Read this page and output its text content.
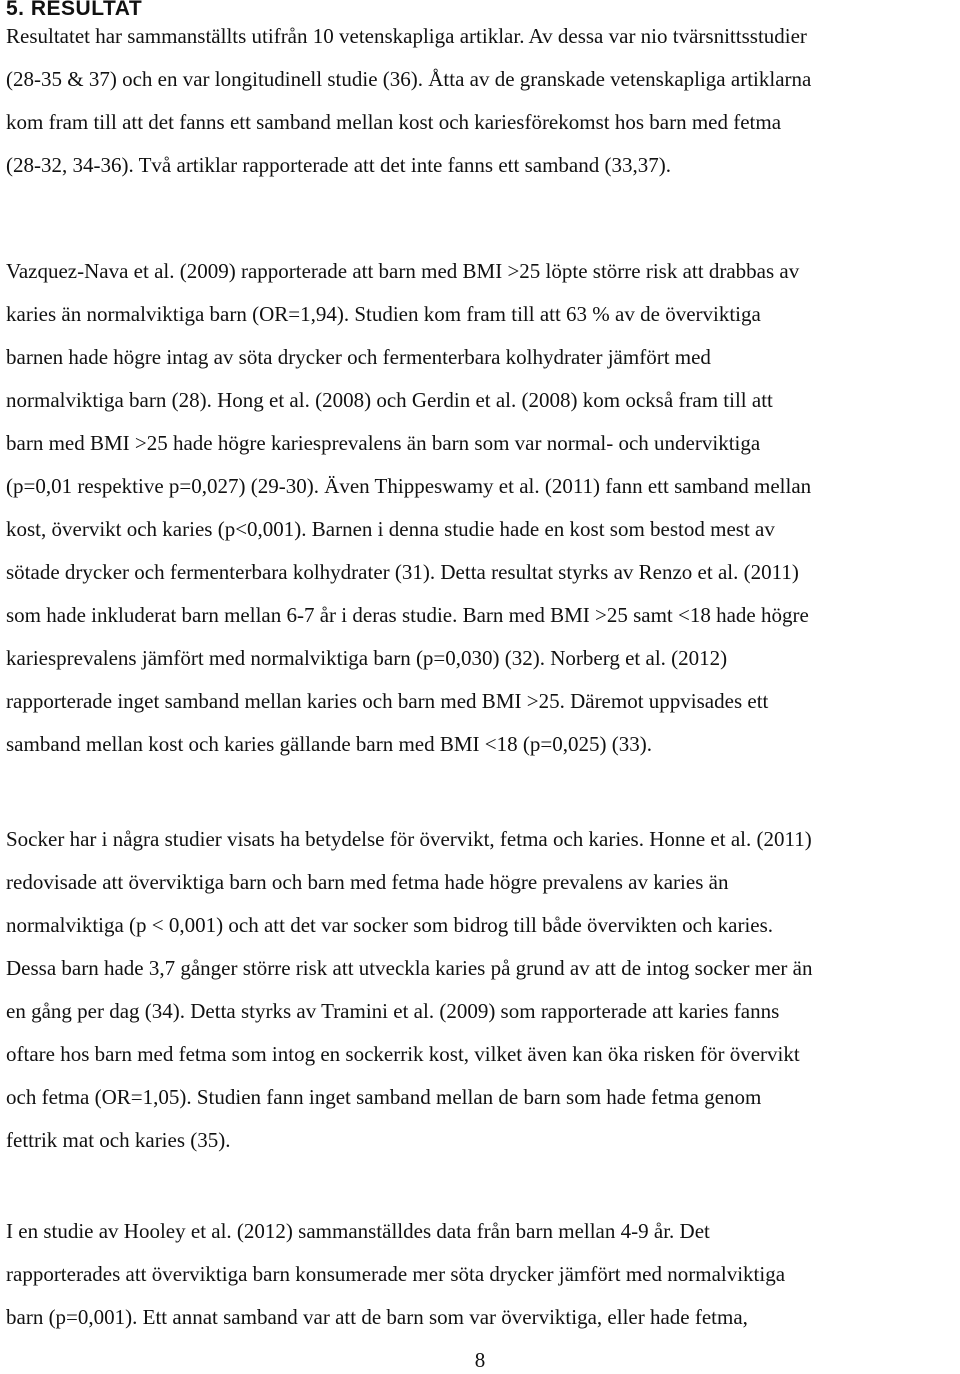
5. RESULTAT
Resultatet har sammanställts utifrån 10 vetenskapliga artiklar. Av dessa var nio tvärsnittsstudier
(28-35 & 37) och en var longitudinell studie (36). Åtta av de granskade vetenskapliga artiklarna
kom fram till att det fanns ett samband mellan kost och kariesförekomst hos barn med fetma
(28-32, 34-36). Två artiklar rapporterade att det inte fanns ett samband (33,37).
Vazquez-Nava et al. (2009) rapporterade att barn med BMI >25 löpte större risk att drabbas av
karies än normalviktiga barn (OR=1,94). Studien kom fram till att 63 % av de överviktiga
barnen hade högre intag av söta drycker och fermenterbara kolhydrater jämfört med
normalviktiga barn (28). Hong et al. (2008) och Gerdin et al. (2008) kom också fram till att
barn med BMI >25 hade högre kariesprevalens än barn som var normal- och underviktiga
(p=0,01 respektive p=0,027) (29-30). Även Thippeswamy et al. (2011) fann ett samband mellan
kost, övervikt och karies (p<0,001). Barnen i denna studie hade en kost som bestod mest av
sötade drycker och fermenterbara kolhydrater (31). Detta resultat styrks av Renzo et al. (2011)
som hade inkluderat barn mellan 6-7 år i deras studie. Barn med BMI >25 samt <18 hade högre
kariesprevalens jämfört med normalviktiga barn (p=0,030) (32). Norberg et al. (2012)
rapporterade inget samband mellan karies och barn med BMI >25. Däremot uppvisades ett
samband mellan kost och karies gällande barn med BMI <18 (p=0,025) (33).
Socker har i några studier visats ha betydelse för övervikt, fetma och karies. Honne et al. (2011)
redovisade att överviktiga barn och barn med fetma hade högre prevalens av karies än
normalviktiga (p < 0,001) och att det var socker som bidrog till både övervikten och karies.
Dessa barn hade 3,7 gånger större risk att utveckla karies på grund av att de intog socker mer än
en gång per dag (34). Detta styrks av Tramini et al. (2009) som rapporterade att karies fanns
oftare hos barn med fetma som intog en sockerrik kost, vilket även kan öka risken för övervikt
och fetma (OR=1,05). Studien fann inget samband mellan de barn som hade fetma genom
fettrik mat och karies (35).
I en studie av Hooley et al. (2012) sammanställdes data från barn mellan 4-9 år. Det
rapporterades att överviktiga barn konsumerade mer söta drycker jämfört med normalviktiga
barn (p=0,001). Ett annat samband var att de barn som var överviktiga, eller hade fetma,
8
